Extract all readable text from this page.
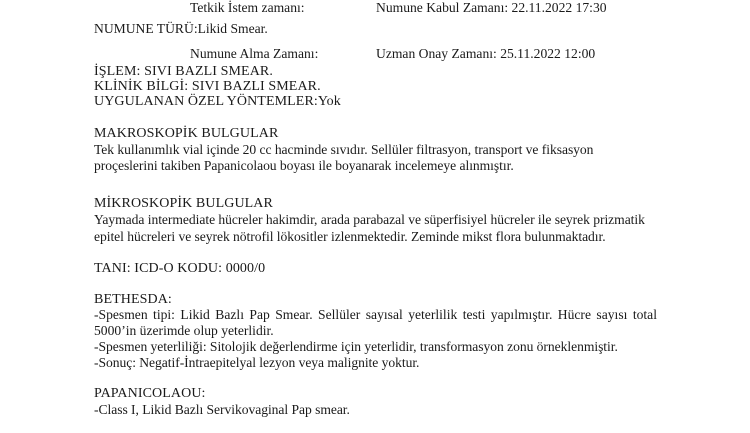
Tetkik İstem zamanı:	Numune Kabul Zamanı: 22.11.2022 17:30
NUMUNE TÜRÜ:Likid Smear.
Numune Alma Zamanı:	Uzman Onay Zamanı: 25.11.2022 12:00
İŞLEM: SIVI BAZLI SMEAR.
KLİNİK BİLGİ: SIVI BAZLI SMEAR.
UYGULANAN ÖZEL YÖNTEMLER:Yok
MAKROSKOPİK BULGULAR
Tek kullanımlık vial içinde 20 cc hacminde sıvıdır. Sellüler filtrasyon, transport ve fiksasyon
proçeslerini takiben Papanicolaou boyası ile boyanarak incelemeye alınmıştır.
MİKROSKOPİK BULGULAR
Yaymada intermediate hücreler hakimdir, arada parabazal ve süperfisiyel hücreler ile seyrek prizmatik
epitel hücreleri ve seyrek nötrofil lökositler izlenmektedir. Zeminde mikst flora bulunmaktadır.
TANI: ICD-O KODU: 0000/0
BETHESDA:
-Spesmen tipi: Likid Bazlı Pap Smear. Sellüler sayısal yeterlilik testi yapılmıştır. Hücre sayısı total
5000’in üzerimde olup yeterlidir.
-Spesmen yeterliliği: Sitolojik değerlendirme için yeterlidir, transformasyon zonu örneklenmiştir.
-Sonuç: Negatif-İntraepitelyal lezyon veya malignite yoktur.
PAPANICOLAOU:
-Class I, Likid Bazlı Servikovaginal Pap smear.
